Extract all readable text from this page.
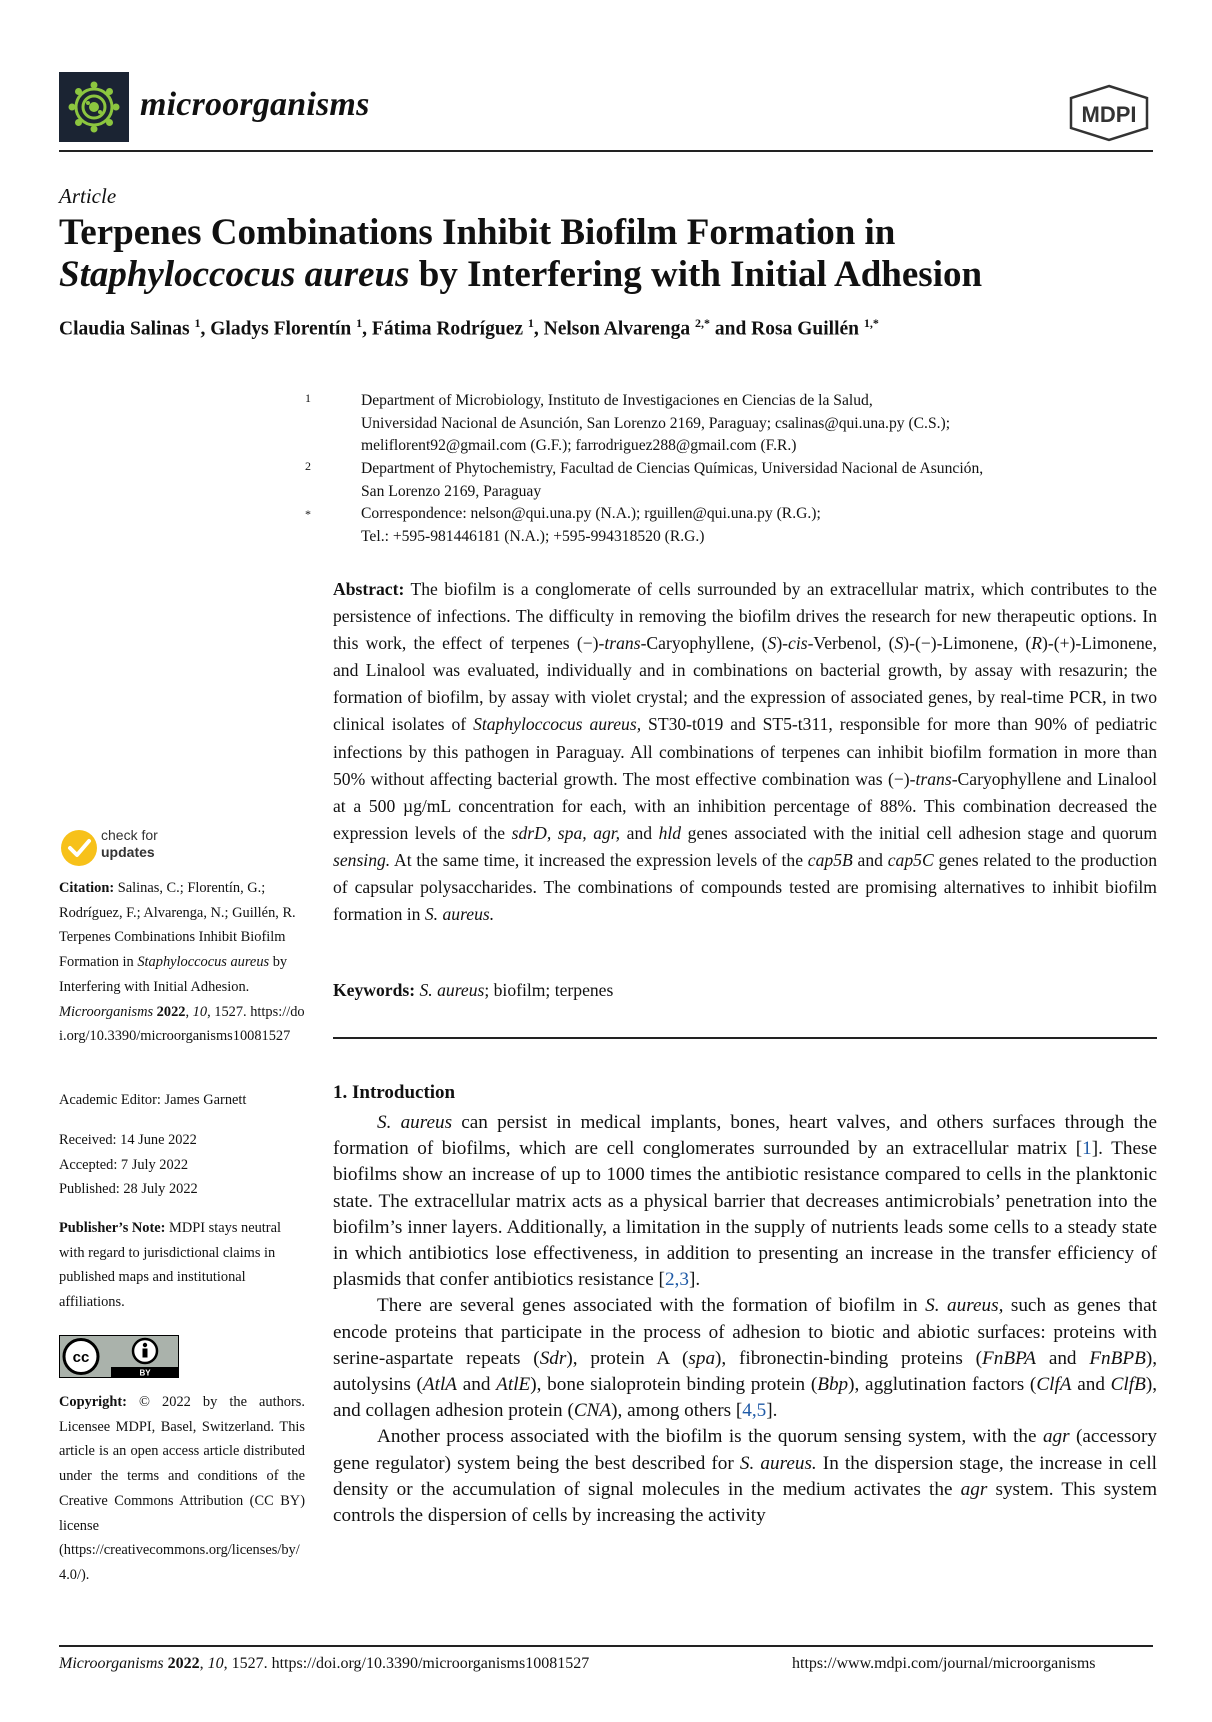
microorganisms	MDPI
Article
Terpenes Combinations Inhibit Biofilm Formation in
Staphyloccocus aureus by Interfering with Initial Adhesion
Claudia Salinas $^1$, Gladys Florentín $^1$, Fátima Rodríguez $^1$, Nelson Alvarenga $^{2,*}$ and Rosa Guillén $^{1,*}$
1	Department of Microbiology, Instituto de Investigaciones en Ciencias de la Salud,
Universidad Nacional de Asunción, San Lorenzo 2169, Paraguay; csalinas@qui.una.py (C.S.);
meliflorent92@gmail.com (G.F.); farrodriguez288@gmail.com (F.R.)
2	Department of Phytochemistry, Facultad de Ciencias Químicas, Universidad Nacional de Asunción,
San Lorenzo 2169, Paraguay
*	Correspondence: nelson@qui.una.py (N.A.); rguillen@qui.una.py (R.G.);
Tel.: +595-981446181 (N.A.); +595-994318520 (R.G.)

Abstract: The biofilm is a conglomerate of cells surrounded by an extracellular matrix, which contributes to the persistence of infections. The difficulty in removing the biofilm drives the research for new therapeutic options. In this work, the effect of terpenes (−)-trans-Caryophyllene, (S)-cis-Verbenol, (S)-(−)-Limonene, (R)-(+)-Limonene, and Linalool was evaluated, individually and in combinations on bacterial growth, by assay with resazurin; the formation of biofilm, by assay with violet crystal; and the expression of associated genes, by real-time PCR, in two clinical isolates of Staphyloccocus aureus, ST30-t019 and ST5-t311, responsible for more than 90% of pediatric infections by this pathogen in Paraguay. All combinations of terpenes can inhibit biofilm formation in more than 50% without affecting bacterial growth. The most effective combination was (−)-trans-Caryophyllene and Linalool at a 500 µg/mL concentration for each, with an inhibition percentage of 88%. This combination decreased the expression levels of the sdrD, spa, agr, and hld genes associated with the initial cell adhesion stage and quorum sensing. At the same time, it increased the expression levels of the cap5B and cap5C genes related to the production of capsular polysaccharides. The combinations of compounds tested are promising alternatives to inhibit biofilm formation in S. aureus.

Keywords: S. aureus; biofilm; terpenes
1. Introduction

S. aureus can persist in medical implants, bones, heart valves, and others surfaces through the formation of biofilms, which are cell conglomerates surrounded by an extracellular matrix [1]. These biofilms show an increase of up to 1000 times the antibiotic resistance compared to cells in the planktonic state. The extracellular matrix acts as a physical barrier that decreases antimicrobials’ penetration into the biofilm’s inner layers. Additionally, a limitation in the supply of nutrients leads some cells to a steady state in which antibiotics lose effectiveness, in addition to presenting an increase in the transfer efficiency of plasmids that confer antibiotics resistance [2,3].

There are several genes associated with the formation of biofilm in S. aureus, such as genes that encode proteins that participate in the process of adhesion to biotic and abiotic surfaces: proteins with serine-aspartate repeats (Sdr), protein A (spa), fibronectin-binding proteins (FnBPA and FnBPB), autolysins (AtlA and AtlE), bone sialoprotein binding protein (Bbp), agglutination factors (ClfA and ClfB), and collagen adhesion protein (CNA), among others [4,5].

Another process associated with the biofilm is the quorum sensing system, with the agr (accessory gene regulator) system being the best described for S. aureus. In the dispersion stage, the increase in cell density or the accumulation of signal molecules in the medium activates the agr system. This system controls the dispersion of cells by increasing the activity

check for
updates

Citation: Salinas, C.; Florentín, G.; Rodríguez, F.; Alvarenga, N.; Guillén, R. Terpenes Combinations Inhibit Biofilm Formation in Staphyloccocus aureus by Interfering with Initial Adhesion. Microorganisms 2022, 10, 1527. https://doi.org/10.3390/microorganisms10081527

Academic Editor: James Garnett
Received: 14 June 2022
Accepted: 7 July 2022
Published: 28 July 2022

Publisher’s Note: MDPI stays neutral with regard to jurisdictional claims in published maps and institutional affiliations.

cc
BY

Copyright: © 2022 by the authors. Licensee MDPI, Basel, Switzerland. This article is an open access article distributed under the terms and conditions of the Creative Commons Attribution (CC BY) license (https://creativecommons.org/licenses/by/4.0/).

Microorganisms 2022, 10, 1527. https://doi.org/10.3390/microorganisms10081527	https://www.mdpi.com/journal/microorganisms
